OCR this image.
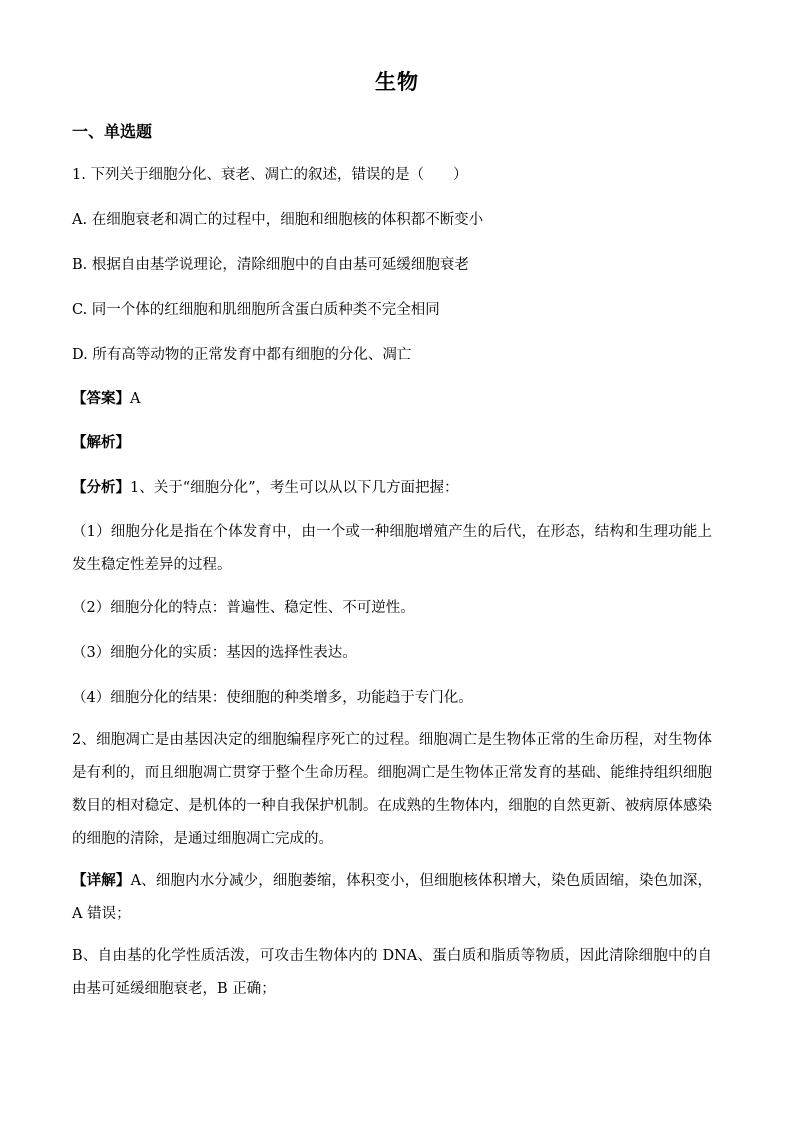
生物
一、单选题
1. 下列关于细胞分化、衰老、凋亡的叙述，错误的是（　　）
A. 在细胞衰老和凋亡的过程中，细胞和细胞核的体积都不断变小
B. 根据自由基学说理论，清除细胞中的自由基可延缓细胞衰老
C. 同一个体的红细胞和肌细胞所含蛋白质种类不完全相同
D. 所有高等动物的正常发育中都有细胞的分化、凋亡
【答案】A
【解析】
【分析】1、关于“细胞分化”，考生可以从以下几方面把握：
（1）细胞分化是指在个体发育中，由一个或一种细胞增殖产生的后代，在形态，结构和生理功能上发生稳定性差异的过程。
（2）细胞分化的特点：普遍性、稳定性、不可逆性。
（3）细胞分化的实质：基因的选择性表达。
（4）细胞分化的结果：使细胞的种类增多，功能趋于专门化。
2、细胞凋亡是由基因决定的细胞编程序死亡的过程。细胞凋亡是生物体正常的生命历程，对生物体是有利的，而且细胞凋亡贯穿于整个生命历程。细胞凋亡是生物体正常发育的基础、能维持组织细胞数目的相对稳定、是机体的一种自我保护机制。在成熟的生物体内，细胞的自然更新、被病原体感染的细胞的清除，是通过细胞凋亡完成的。
【详解】A、细胞内水分减少，细胞萎缩，体积变小，但细胞核体积增大，染色质固缩，染色加深，A 错误；
B、自由基的化学性质活泼，可攻击生物体内的 DNA、蛋白质和脂质等物质，因此清除细胞中的自由基可延缓细胞衰老，B 正确；
